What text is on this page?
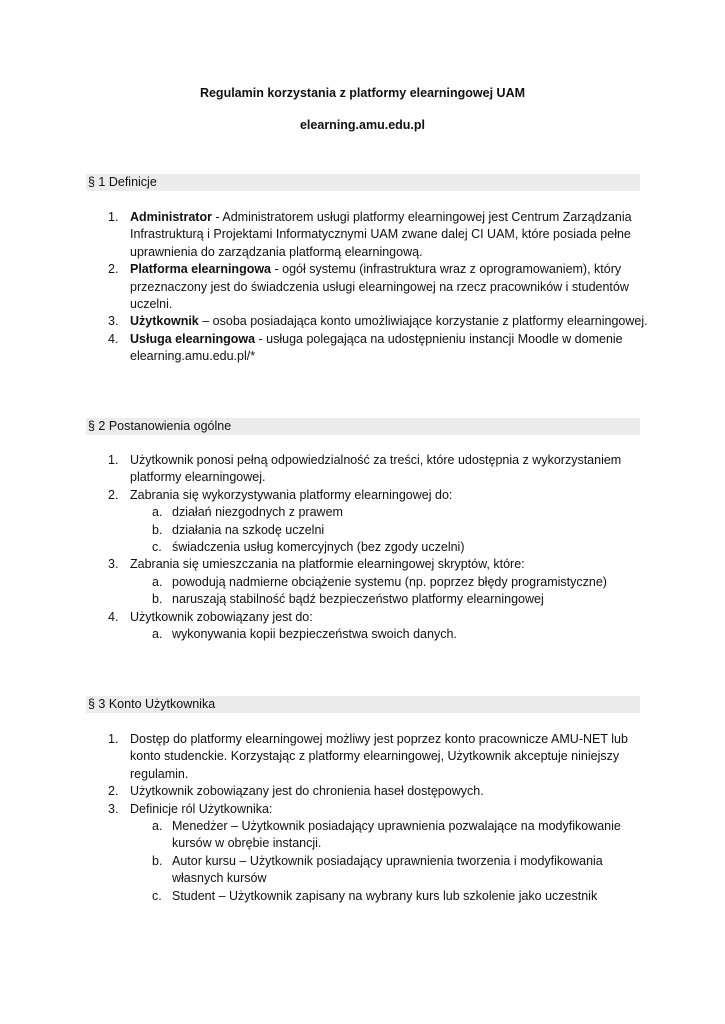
Regulamin korzystania z platformy elearningowej UAM
elearning.amu.edu.pl
§ 1 Definicje
1. Administrator - Administratorem usługi platformy elearningowej jest Centrum Zarządzania Infrastrukturą i Projektami Informatycznymi UAM zwane dalej CI UAM, które posiada pełne uprawnienia do zarządzania platformą elearningową.
2. Platforma elearningowa - ogół systemu (infrastruktura wraz z oprogramowaniem), który przeznaczony jest do świadczenia usługi elearningowej na rzecz pracowników i studentów uczelni.
3. Użytkownik – osoba posiadająca konto umożliwiające korzystanie z platformy elearningowej.
4. Usługa elearningowa - usługa polegająca na udostępnieniu instancji Moodle w domenie elearning.amu.edu.pl/*
§ 2 Postanowienia ogólne
1. Użytkownik ponosi pełną odpowiedzialność za treści, które udostępnia z wykorzystaniem platformy elearningowej.
2. Zabrania się wykorzystywania platformy elearningowej do:
a. działań niezgodnych z prawem
b. działania na szkodę uczelni
c. świadczenia usług komercyjnych (bez zgody uczelni)
3. Zabrania się umieszczania na platformie elearningowej skryptów, które:
a. powodują nadmierne obciążenie systemu (np. poprzez błędy programistyczne)
b. naruszają stabilność bądź bezpieczeństwo platformy elearningowej
4. Użytkownik zobowiązany jest do:
a. wykonywania kopii bezpieczeństwa swoich danych.
§ 3 Konto Użytkownika
1. Dostęp do platformy elearningowej możliwy jest poprzez konto pracownicze AMU-NET lub konto studenckie. Korzystając z platformy elearningowej, Użytkownik akceptuje niniejszy regulamin.
2. Użytkownik zobowiązany jest do chronienia haseł dostępowych.
3. Definicje ról Użytkownika:
a. Menedżer – Użytkownik posiadający uprawnienia pozwalające na modyfikowanie kursów w obrębie instancji.
b. Autor kursu – Użytkownik posiadający uprawnienia tworzenia i modyfikowania własnych kursów
c. Student – Użytkownik zapisany na wybrany kurs lub szkolenie jako uczestnik
